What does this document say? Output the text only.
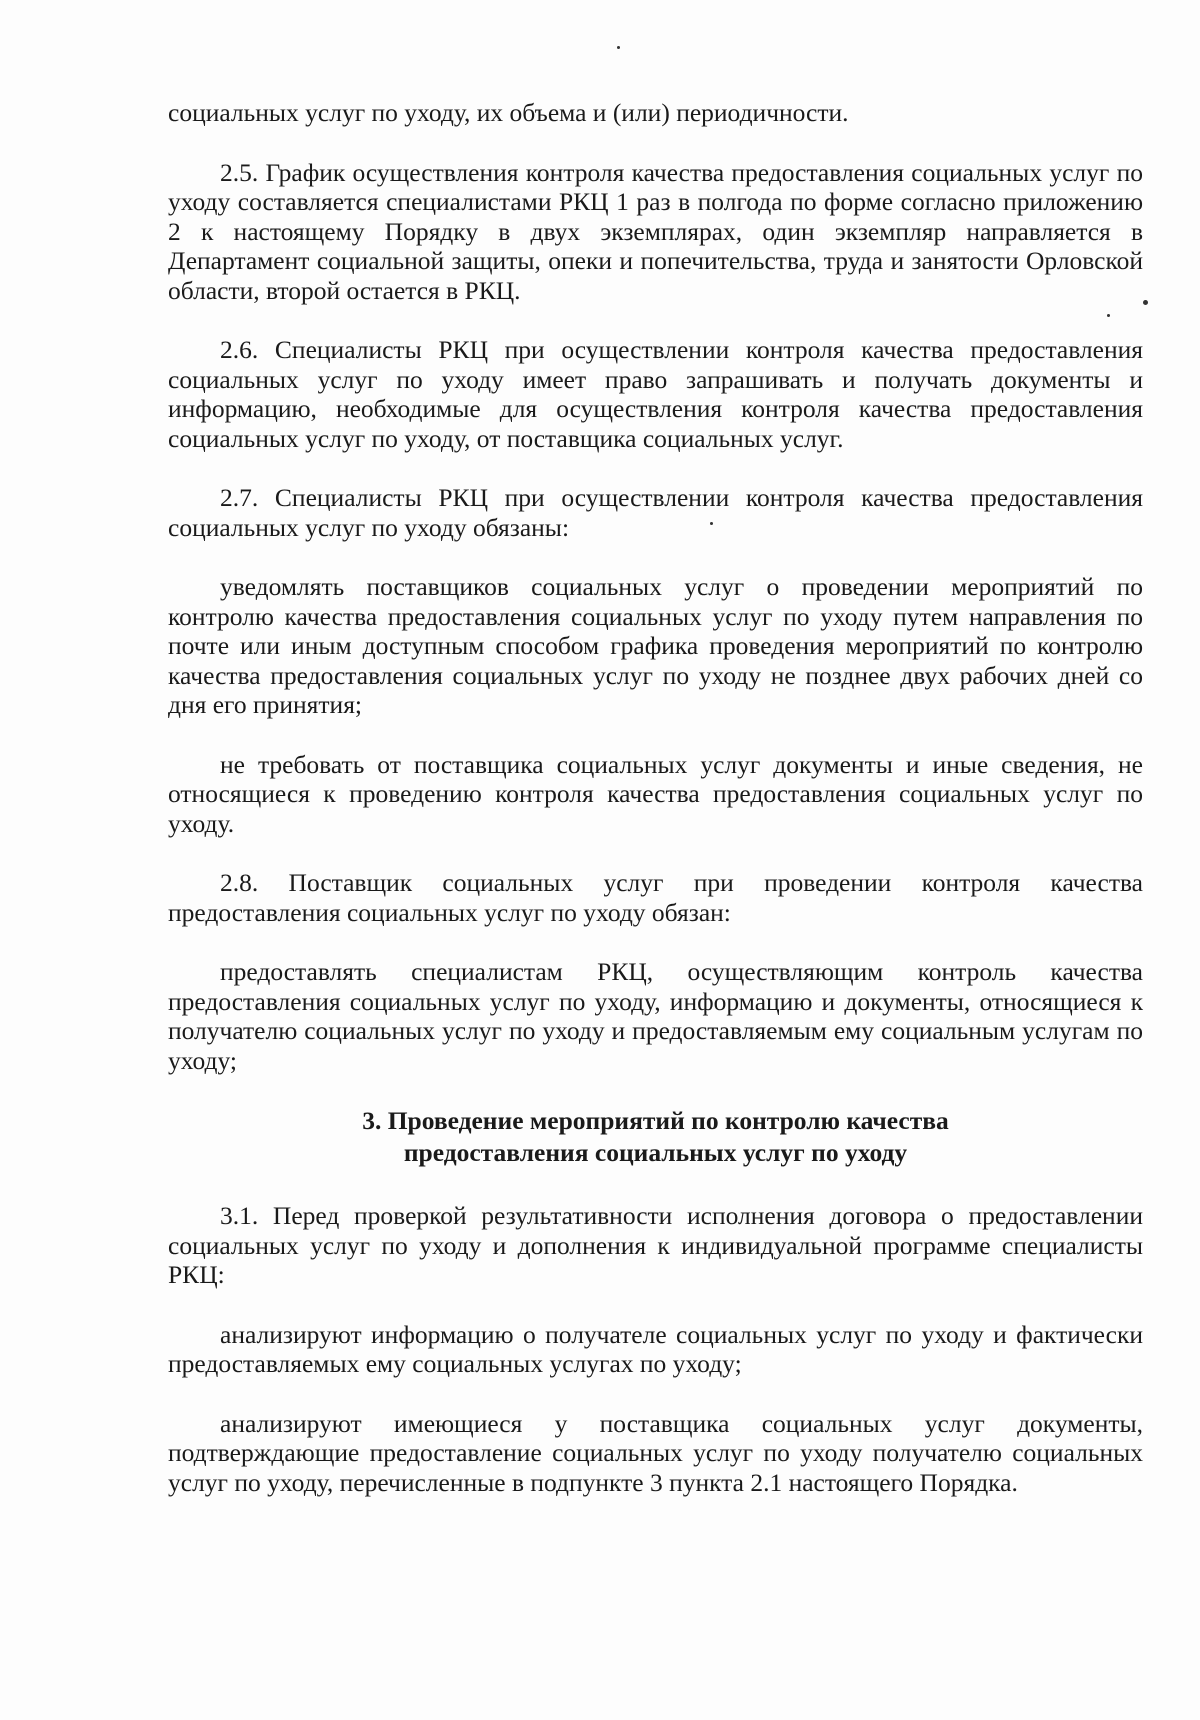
социальных услуг по уходу, их объема и (или) периодичности.

2.5. График осуществления контроля качества предоставления социальных услуг по уходу составляется специалистами РКЦ 1 раз в полгода по форме согласно приложению 2 к настоящему Порядку в двух экземплярах, один экземпляр направляется в Департамент социальной защиты, опеки и попечительства, труда и занятости Орловской области, второй остается в РКЦ.

2.6. Специалисты РКЦ при осуществлении контроля качества предоставления социальных услуг по уходу имеет право запрашивать и получать документы и информацию, необходимые для осуществления контроля качества предоставления социальных услуг по уходу, от поставщика социальных услуг.

2.7. Специалисты РКЦ при осуществлении контроля качества предоставления социальных услуг по уходу обязаны:

уведомлять поставщиков социальных услуг о проведении мероприятий по контролю качества предоставления социальных услуг по уходу путем направления по почте или иным доступным способом графика проведения мероприятий по контролю качества предоставления социальных услуг по уходу не позднее двух рабочих дней со дня его принятия;

не требовать от поставщика социальных услуг документы и иные сведения, не относящиеся к проведению контроля качества предоставления социальных услуг по уходу.

2.8. Поставщик социальных услуг при проведении контроля качества предоставления социальных услуг по уходу обязан:

предоставлять специалистам РКЦ, осуществляющим контроль качества предоставления социальных услуг по уходу, информацию и документы, относящиеся к получателю социальных услуг по уходу и предоставляемым ему социальным услугам по уходу;

3. Проведение мероприятий по контролю качества
предоставления социальных услуг по уходу

3.1. Перед проверкой результативности исполнения договора о предоставлении социальных услуг по уходу и дополнения к индивидуальной программе специалисты РКЦ:

анализируют информацию о получателе социальных услуг по уходу и фактически предоставляемых ему социальных услугах по уходу;

анализируют имеющиеся у поставщика социальных услуг документы, подтверждающие предоставление социальных услуг по уходу получателю социальных услуг по уходу, перечисленные в подпункте 3 пункта 2.1 настоящего Порядка.
